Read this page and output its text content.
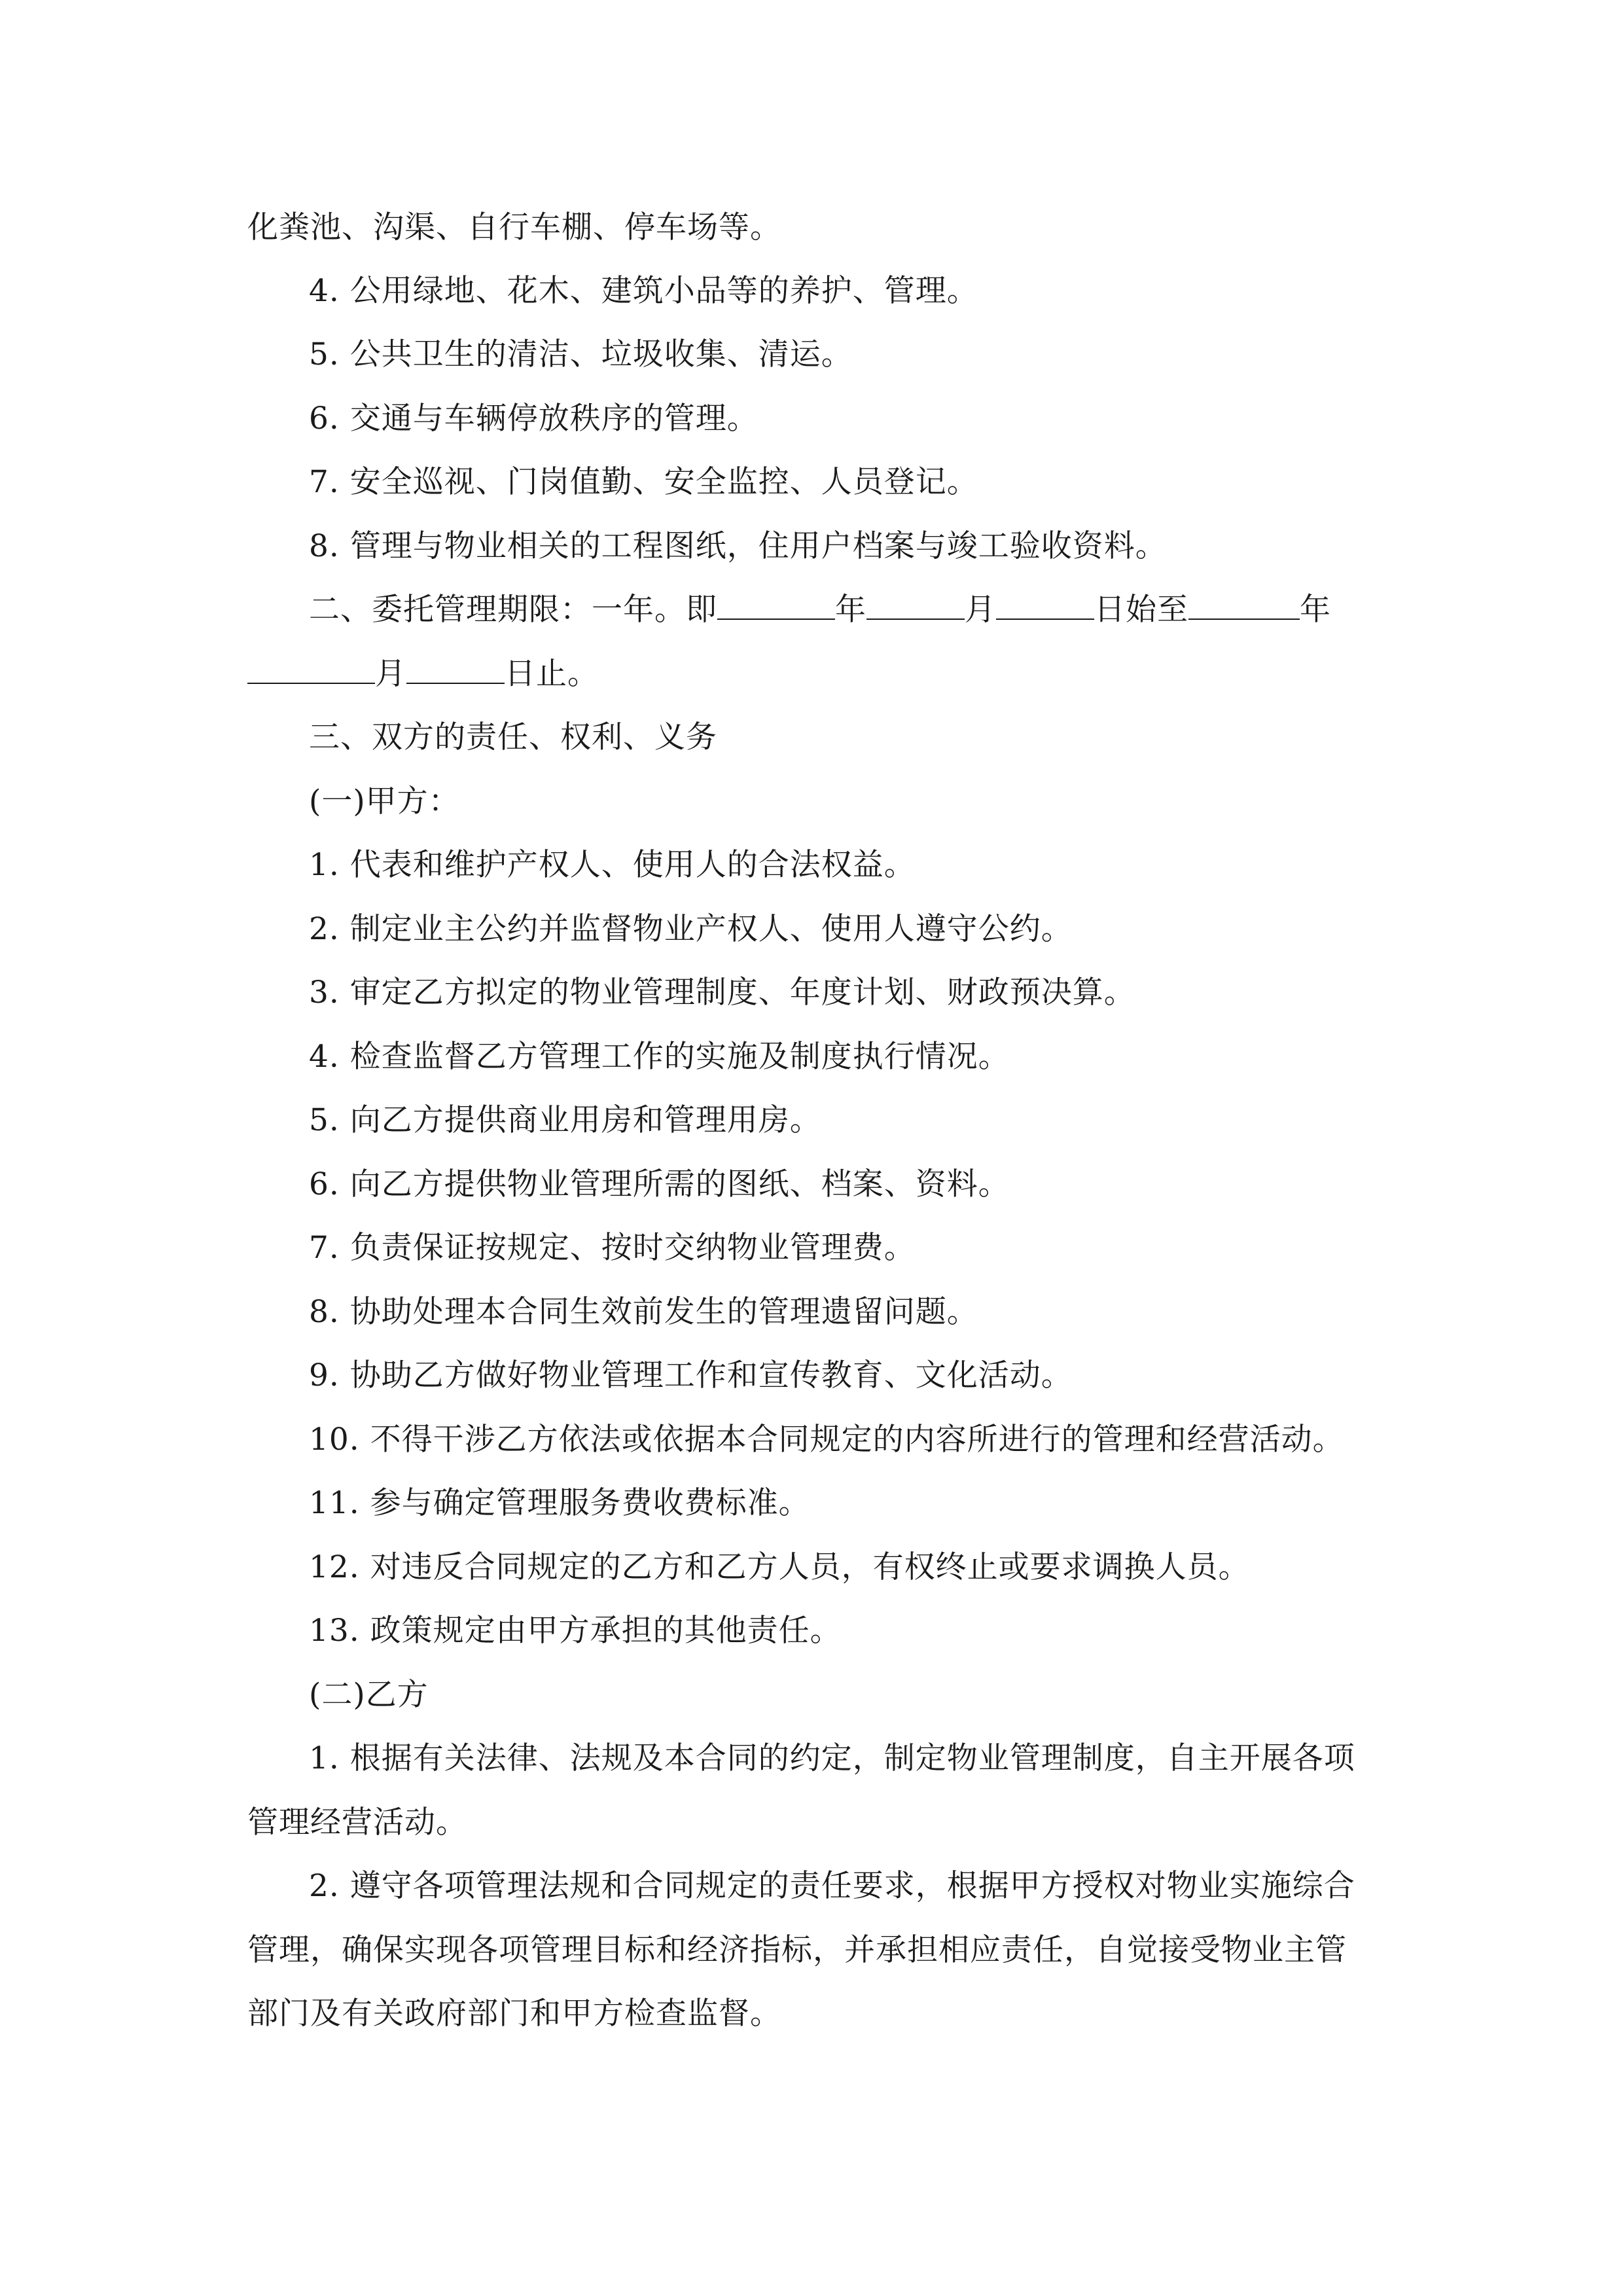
化粪池、沟渠、自行车棚、停车场等。
4. 公用绿地、花木、建筑小品等的养护、管理。
5. 公共卫生的清洁、垃圾收集、清运。
6. 交通与车辆停放秩序的管理。
7. 安全巡视、门岗值勤、安全监控、人员登记。
8. 管理与物业相关的工程图纸，住用户档案与竣工验收资料。
二、委托管理期限：一年。即	年	月	日始至	年
月	日止。
三、双方的责任、权利、义务
(一)甲方：
1. 代表和维护产权人、使用人的合法权益。
2. 制定业主公约并监督物业产权人、使用人遵守公约。
3. 审定乙方拟定的物业管理制度、年度计划、财政预决算。
4. 检查监督乙方管理工作的实施及制度执行情况。
5. 向乙方提供商业用房和管理用房。
6. 向乙方提供物业管理所需的图纸、档案、资料。
7. 负责保证按规定、按时交纳物业管理费。
8. 协助处理本合同生效前发生的管理遗留问题。
9. 协助乙方做好物业管理工作和宣传教育、文化活动。
10. 不得干涉乙方依法或依据本合同规定的内容所进行的管理和经营活动。
11. 参与确定管理服务费收费标准。
12. 对违反合同规定的乙方和乙方人员，有权终止或要求调换人员。
13. 政策规定由甲方承担的其他责任。
(二)乙方
1. 根据有关法律、法规及本合同的约定，制定物业管理制度，自主开展各项
管理经营活动。
2. 遵守各项管理法规和合同规定的责任要求，根据甲方授权对物业实施综合
管理，确保实现各项管理目标和经济指标，并承担相应责任，自觉接受物业主管
部门及有关政府部门和甲方检查监督。
